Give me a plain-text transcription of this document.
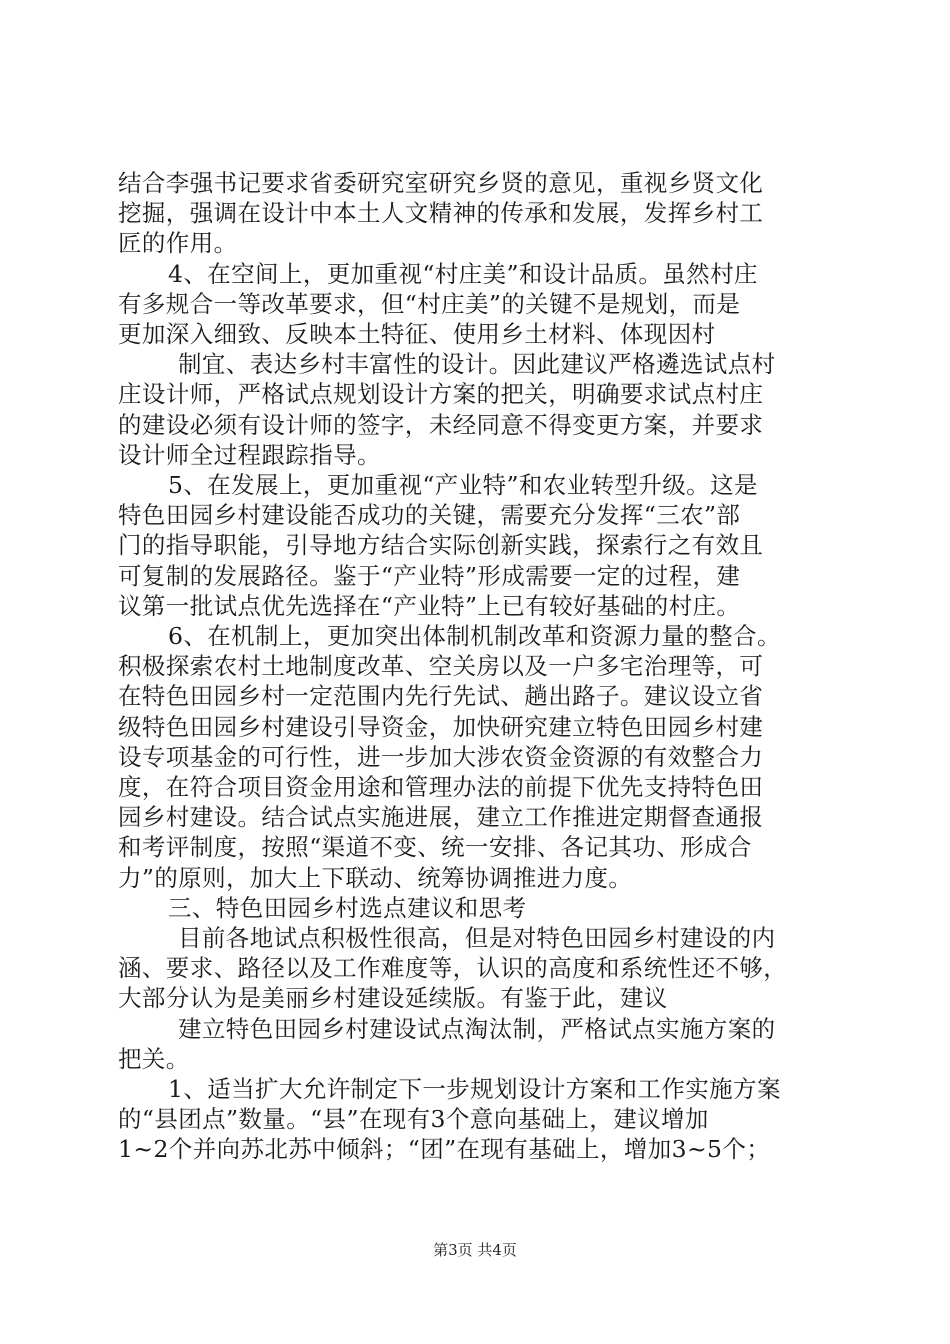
结合李强书记要求省委研究室研究乡贤的意见，重视乡贤文化
挖掘，强调在设计中本土人文精神的传承和发展，发挥乡村工
匠的作用。
4、在空间上，更加重视“村庄美”和设计品质。虽然村庄
有多规合一等改革要求，但“村庄美”的关键不是规划，而是
更加深入细致、反映本土特征、使用乡土材料、体现因村
制宜、表达乡村丰富性的设计。因此建议严格遴选试点村
庄设计师，严格试点规划设计方案的把关，明确要求试点村庄
的建设必须有设计师的签字，未经同意不得变更方案，并要求
设计师全过程跟踪指导。
5、在发展上，更加重视“产业特”和农业转型升级。这是
特色田园乡村建设能否成功的关键，需要充分发挥“三农”部
门的指导职能，引导地方结合实际创新实践，探索行之有效且
可复制的发展路径。鉴于“产业特”形成需要一定的过程，建
议第一批试点优先选择在“产业特”上已有较好基础的村庄。
6、在机制上，更加突出体制机制改革和资源力量的整合。
积极探索农村土地制度改革、空关房以及一户多宅治理等，可
在特色田园乡村一定范围内先行先试、趟出路子。建议设立省
级特色田园乡村建设引导资金，加快研究建立特色田园乡村建
设专项基金的可行性，进一步加大涉农资金资源的有效整合力
度，在符合项目资金用途和管理办法的前提下优先支持特色田
园乡村建设。结合试点实施进展，建立工作推进定期督查通报
和考评制度，按照“渠道不变、统一安排、各记其功、形成合
力”的原则，加大上下联动、统筹协调推进力度。
三、特色田园乡村选点建议和思考
目前各地试点积极性很高，但是对特色田园乡村建设的内
涵、要求、路径以及工作难度等，认识的高度和系统性还不够，
大部分认为是美丽乡村建设延续版。有鉴于此，建议
建立特色田园乡村建设试点淘汰制，严格试点实施方案的
把关。
1、适当扩大允许制定下一步规划设计方案和工作实施方案
的“县团点”数量。“县”在现有3个意向基础上，建议增加
1~2个并向苏北苏中倾斜；“团”在现有基础上，增加3~5个；
第3页 共4页
